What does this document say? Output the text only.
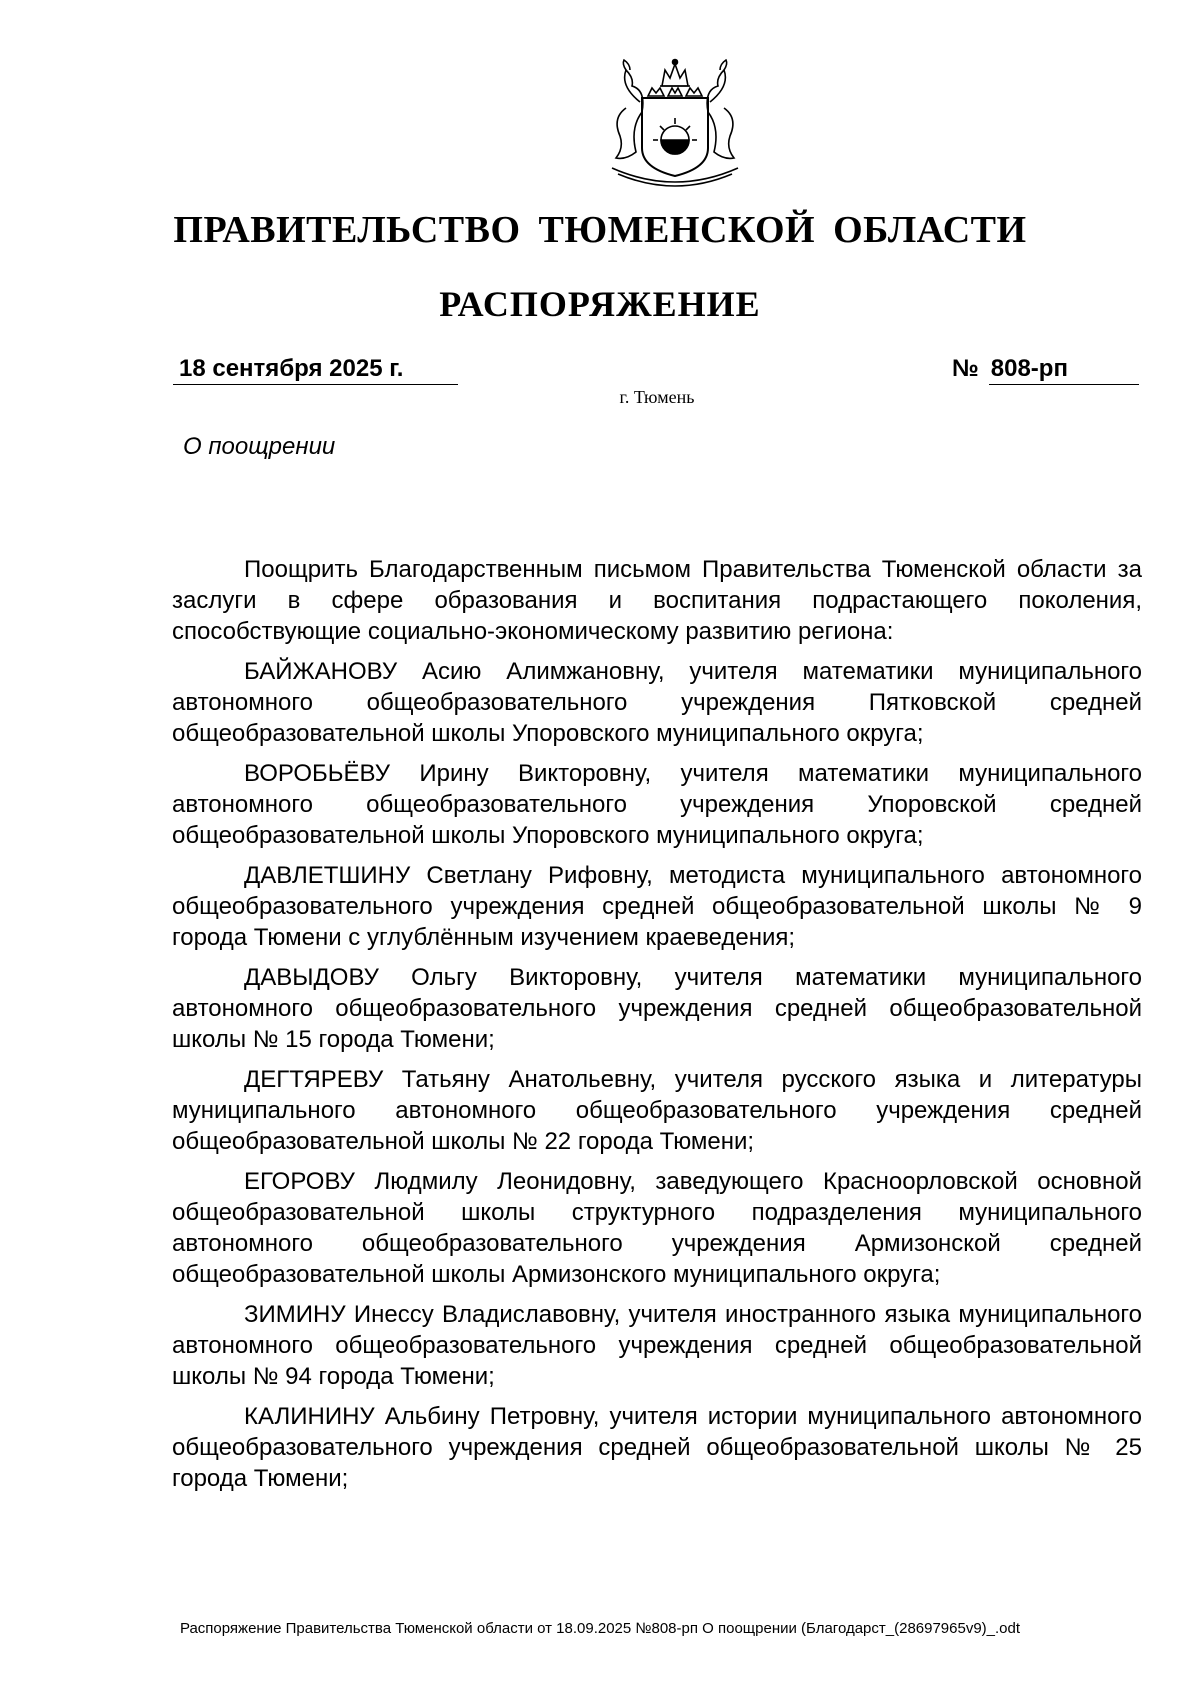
ПРАВИТЕЛЬСТВО ТЮМЕНСКОЙ ОБЛАСТИ
РАСПОРЯЖЕНИЕ
18 сентября 2025 г.	№ 808-рп
г. Тюмень
О поощрении

Поощрить Благодарственным письмом Правительства Тюменской области за заслуги в сфере образования и воспитания подрастающего поколения, способствующие социально-экономическому развитию региона:

БАЙЖАНОВУ Асию Алимжановну, учителя математики муниципального автономного общеобразовательного учреждения Пятковской средней общеобразовательной школы Упоровского муниципального округа;

ВОРОБЬЁВУ Ирину Викторовну, учителя математики муниципального автономного общеобразовательного учреждения Упоровской средней общеобразовательной школы Упоровского муниципального округа;

ДАВЛЕТШИНУ Светлану Рифовну, методиста муниципального автономного общеобразовательного учреждения средней общеобразовательной школы № 9 города Тюмени с углублённым изучением краеведения;

ДАВЫДОВУ Ольгу Викторовну, учителя математики муниципального автономного общеобразовательного учреждения средней общеобразовательной школы № 15 города Тюмени;

ДЕГТЯРЕВУ Татьяну Анатольевну, учителя русского языка и литературы муниципального автономного общеобразовательного учреждения средней общеобразовательной школы № 22 города Тюмени;

ЕГОРОВУ Людмилу Леонидовну, заведующего Красноорловской основной общеобразовательной школы структурного подразделения муниципального автономного общеобразовательного учреждения Армизонской средней общеобразовательной школы Армизонского муниципального округа;

ЗИМИНУ Инессу Владиславовну, учителя иностранного языка муниципального автономного общеобразовательного учреждения средней общеобразовательной школы № 94 города Тюмени;

КАЛИНИНУ Альбину Петровну, учителя истории муниципального автономного общеобразовательного учреждения средней общеобразовательной школы № 25 города Тюмени;

Распоряжение Правительства Тюменской области от 18.09.2025 №808-рп О поощрении (Благодарст_(28697965v9)_.odt
